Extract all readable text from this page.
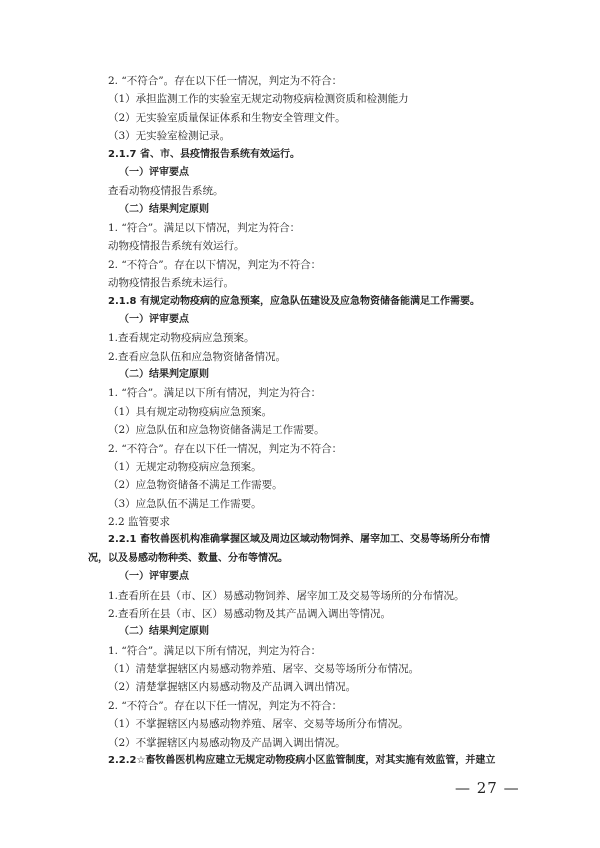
2. “不符合”。存在以下任一情况，判定为不符合：
（1）承担监测工作的实验室无规定动物疫病检测资质和检测能力
（2）无实验室质量保证体系和生物安全管理文件。
（3）无实验室检测记录。
2.1.7 省、市、县疫情报告系统有效运行。
（一）评审要点
查看动物疫情报告系统。
（二）结果判定原则
1. “符合”。满足以下情况，判定为符合：
动物疫情报告系统有效运行。
2. “不符合”。存在以下情况，判定为不符合：
动物疫情报告系统未运行。
2.1.8 有规定动物疫病的应急预案，应急队伍建设及应急物资储备能满足工作需要。
（一）评审要点
1.查看规定动物疫病应急预案。
2.查看应急队伍和应急物资储备情况。
（二）结果判定原则
1. “符合”。满足以下所有情况，判定为符合：
（1）具有规定动物疫病应急预案。
（2）应急队伍和应急物资储备满足工作需要。
2. “不符合”。存在以下任一情况，判定为不符合：
（1）无规定动物疫病应急预案。
（2）应急物资储备不满足工作需要。
（3）应急队伍不满足工作需要。
2.2 监管要求
2.2.1 畜牧兽医机构准确掌握区域及周边区域动物饲养、屠宰加工、交易等场所分布情
况，以及易感动物种类、数量、分布等情况。
（一）评审要点
1.查看所在县（市、区）易感动物饲养、屠宰加工及交易等场所的分布情况。
2.查看所在县（市、区）易感动物及其产品调入调出等情况。
（二）结果判定原则
1. “符合”。满足以下所有情况，判定为符合：
（1）清楚掌握辖区内易感动物养殖、屠宰、交易等场所分布情况。
（2）清楚掌握辖区内易感动物及产品调入调出情况。
2. “不符合”。存在以下任一情况，判定为不符合：
（1）不掌握辖区内易感动物养殖、屠宰、交易等场所分布情况。
（2）不掌握辖区内易感动物及产品调入调出情况。
2.2.2☆畜牧兽医机构应建立无规定动物疫病小区监管制度，对其实施有效监管，并建立
— 27 —
